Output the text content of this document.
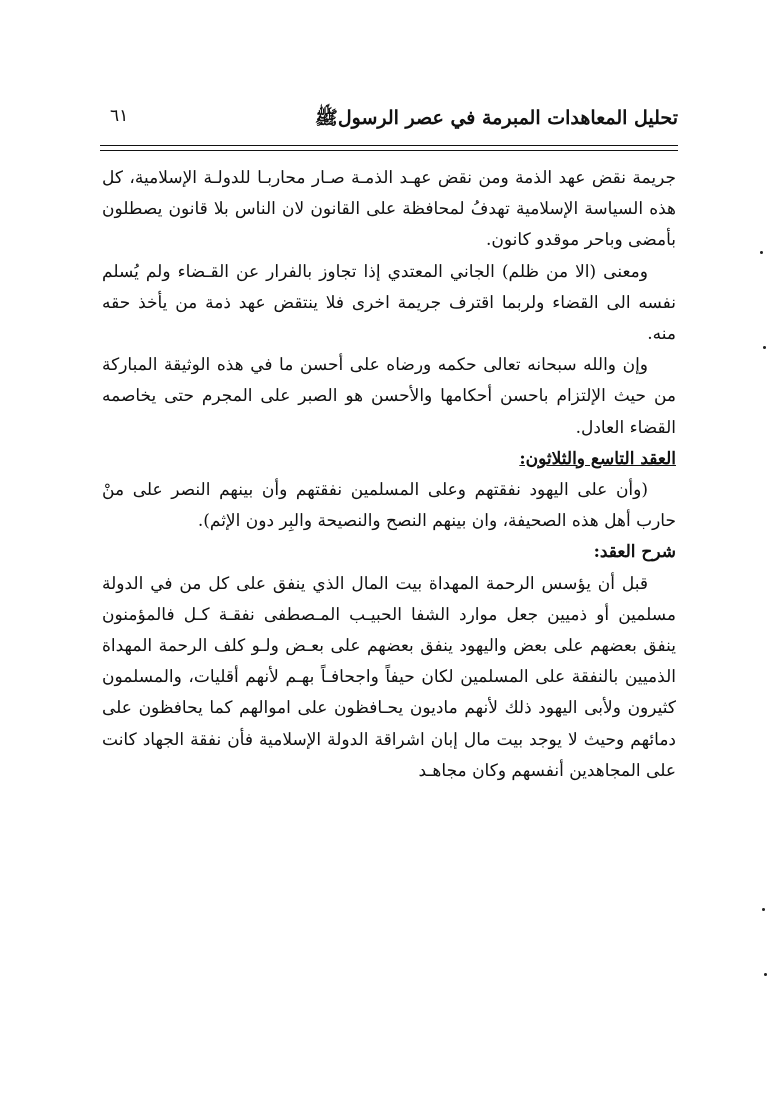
تحليل المعاهدات المبرمة في عصر الرسولﷺ
٦١

جريمة نقض عهد الذمة ومن نقض عهـد الذمـة صـار محاربـا للدولـة الإسلامية، كل هذه السياسة الإسلامية تهدفُ لمحافظة على القانون لان الناس بلا قانون يصطلون بأمضى وباحر موقدو كانون.

ومعنى (الا من ظلم) الجاني المعتدي إذا تجاوز بالفرار عن القـضاء ولم يُسلم نفسه الى القضاء ولربما اقترف جريمة اخرى فلا ينتقض عهد ذمة من يأخذ حقه منه.

وإن والله سبحانه تعالى حكمه ورضاه على أحسن ما في هذه الوثيقة المباركة من حيث الإلتزام باحسن أحكامها والأحسن هو الصبر على المجرم حتى يخاصمه القضاء العادل.

العقد التاسع والثلاثون:

(وأن على اليهود نفقتهم وعلى المسلمين نفقتهم وأن بينهم النصر على منْ حارب أهل هذه الصحيفة، وان بينهم النصح والنصيحة والبِر دون الإثم).

شرح العقد:

قبل أن يؤسس الرحمة المهداة بيت المال الذي ينفق على كل من في الدولة مسلمين أو ذميين جعل موارد الشفا الحبيـب المـصطفى نفقـة كـل فالمؤمنون ينفق بعضهم على بعض واليهود ينفق بعضهم على بعـض ولـو كلف الرحمة المهداة الذميين بالنفقة على المسلمين لكان حيفاً واجحافـاً بهـم لأنهم أقليات، والمسلمون كثيرون ولأبى اليهود ذلك لأنهم ماديون يحـافظون على اموالهم كما يحافظون على دمائهم وحيث لا يوجد بيت مال إبان اشراقة الدولة الإسلامية فأن نفقة الجهاد كانت على المجاهدين أنفسهم وكان مجاهـد
